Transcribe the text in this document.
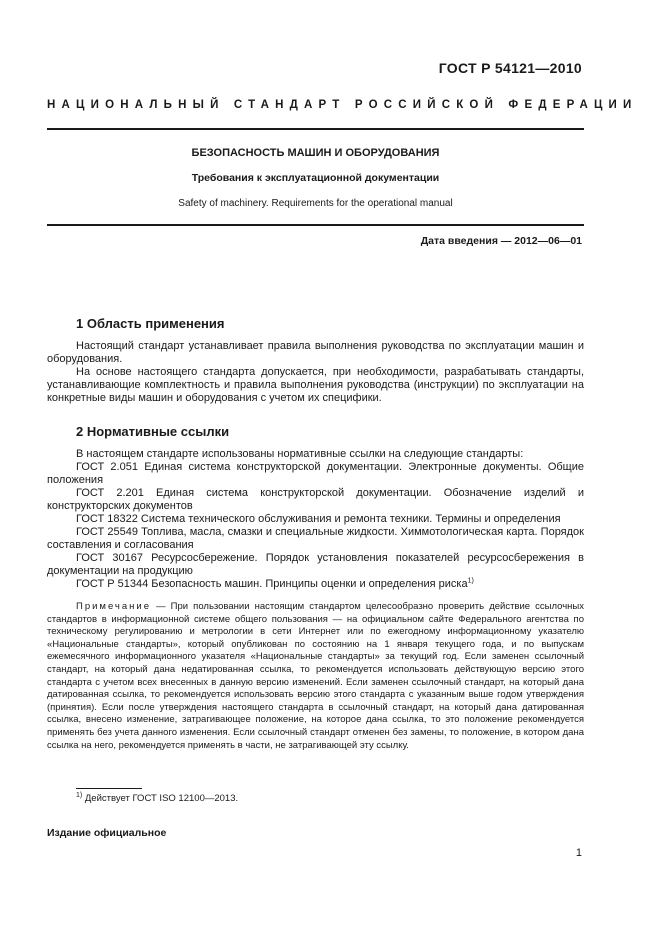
ГОСТ Р 54121—2010
НАЦИОНАЛЬНЫЙ СТАНДАРТ РОССИЙСКОЙ ФЕДЕРАЦИИ
БЕЗОПАСНОСТЬ МАШИН И ОБОРУДОВАНИЯ
Требования к эксплуатационной документации
Safety of machinery. Requirements for the operational manual
Дата введения — 2012—06—01
1 Область применения

Настоящий стандарт устанавливает правила выполнения руководства по эксплуатации машин и оборудования.

На основе настоящего стандарта допускается, при необходимости, разрабатывать стандарты, устанавливающие комплектность и правила выполнения руководства (инструкции) по эксплуатации на конкретные виды машин и оборудования с учетом их специфики.

2 Нормативные ссылки

В настоящем стандарте использованы нормативные ссылки на следующие стандарты:

ГОСТ 2.051 Единая система конструкторской документации. Электронные документы. Общие положения

ГОСТ 2.201 Единая система конструкторской документации. Обозначение изделий и конструкторских документов

ГОСТ 18322 Система технического обслуживания и ремонта техники. Термины и определения

ГОСТ 25549 Топлива, масла, смазки и специальные жидкости. Химмотологическая карта. Порядок составления и согласования

ГОСТ 30167 Ресурсосбережение. Порядок установления показателей ресурсосбережения в документации на продукцию

ГОСТ Р 51344 Безопасность машин. Принципы оценки и определения риска$^{1)}$

Примечание — При пользовании настоящим стандартом целесообразно проверить действие ссылочных стандартов в информационной системе общего пользования — на официальном сайте Федерального агентства по техническому регулированию и метрологии в сети Интернет или по ежегодному информационному указателю «Национальные стандарты», который опубликован по состоянию на 1 января текущего года, и по выпускам ежемесячного информационного указателя «Национальные стандарты» за текущий год. Если заменен ссылочный стандарт, на который дана недатированная ссылка, то рекомендуется использовать действующую версию этого стандарта с учетом всех внесенных в данную версию изменений. Если заменен ссылочный стандарт, на который дана датированная ссылка, то рекомендуется использовать версию этого стандарта с указанным выше годом утверждения (принятия). Если после утверждения настоящего стандарта в ссылочный стандарт, на который дана датированная ссылка, внесено изменение, затрагивающее положение, на которое дана ссылка, то это положение рекомендуется применять без учета данного изменения. Если ссылочный стандарт отменен без замены, то положение, в котором дана ссылка на него, рекомендуется применять в части, не затрагивающей эту ссылку.

$^{1)}$ Действует ГОСТ ISO 12100—2013.
Издание официальное
1
